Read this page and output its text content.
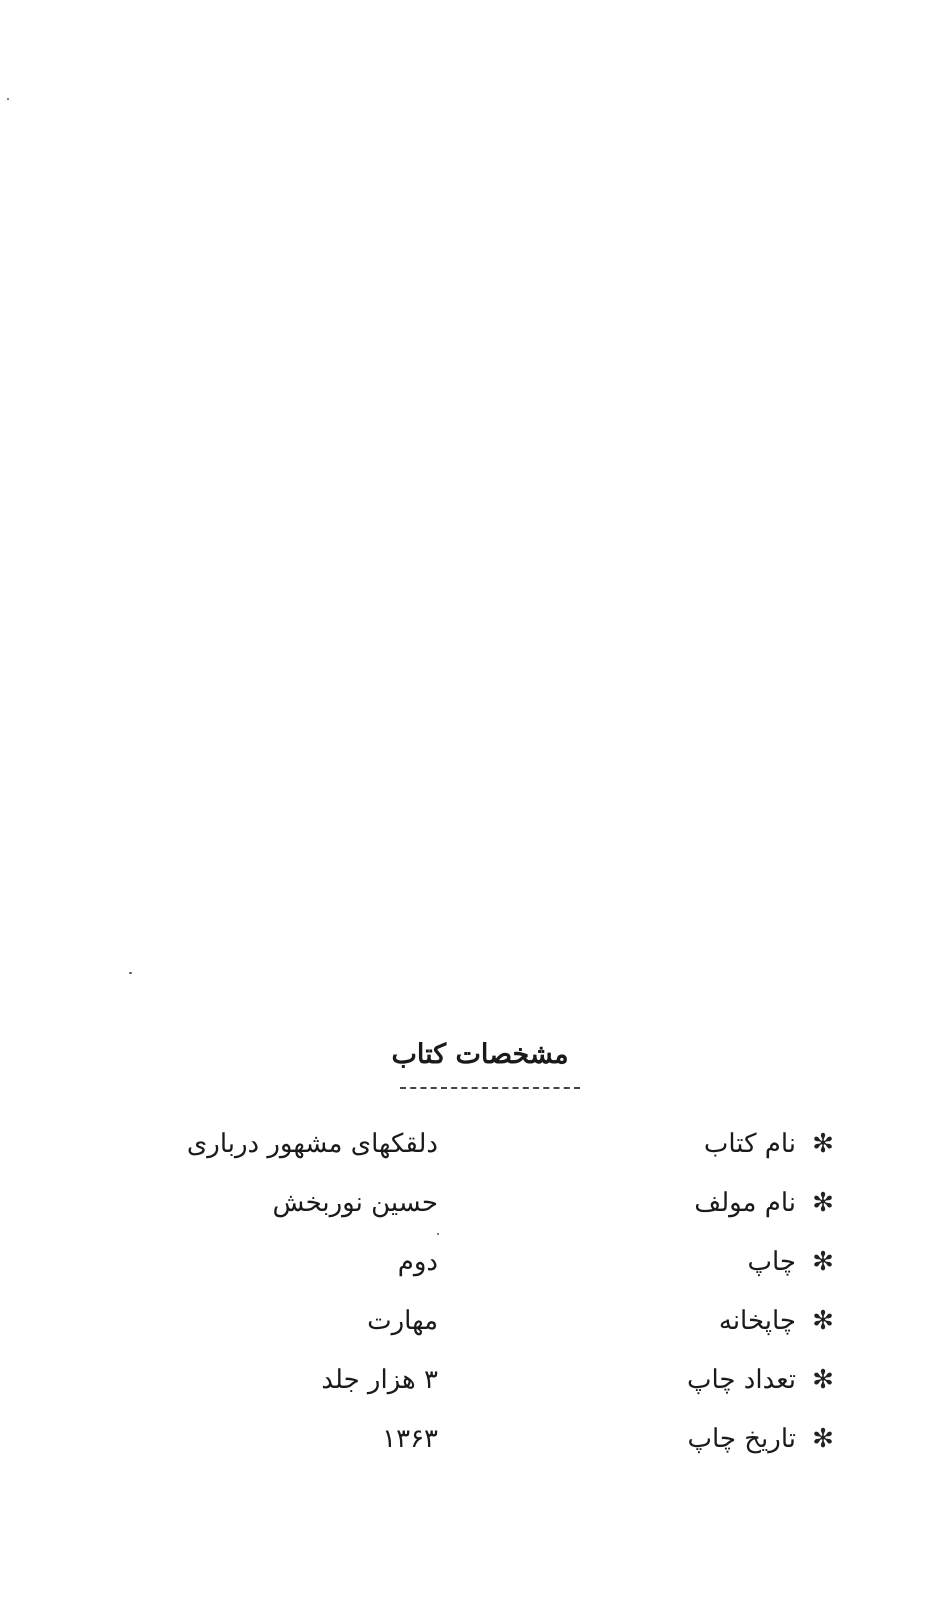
مشخصات کتاب
✻
نام کتاب
دلقکهای مشهور درباری
✻
نام مولف
حسین نوربخش
✻
چاپ
دوم
✻
چاپخانه
مهارت
✻
تعداد چاپ
۳ هزار جلد
✻
تاریخ چاپ
۱۳۶۳
